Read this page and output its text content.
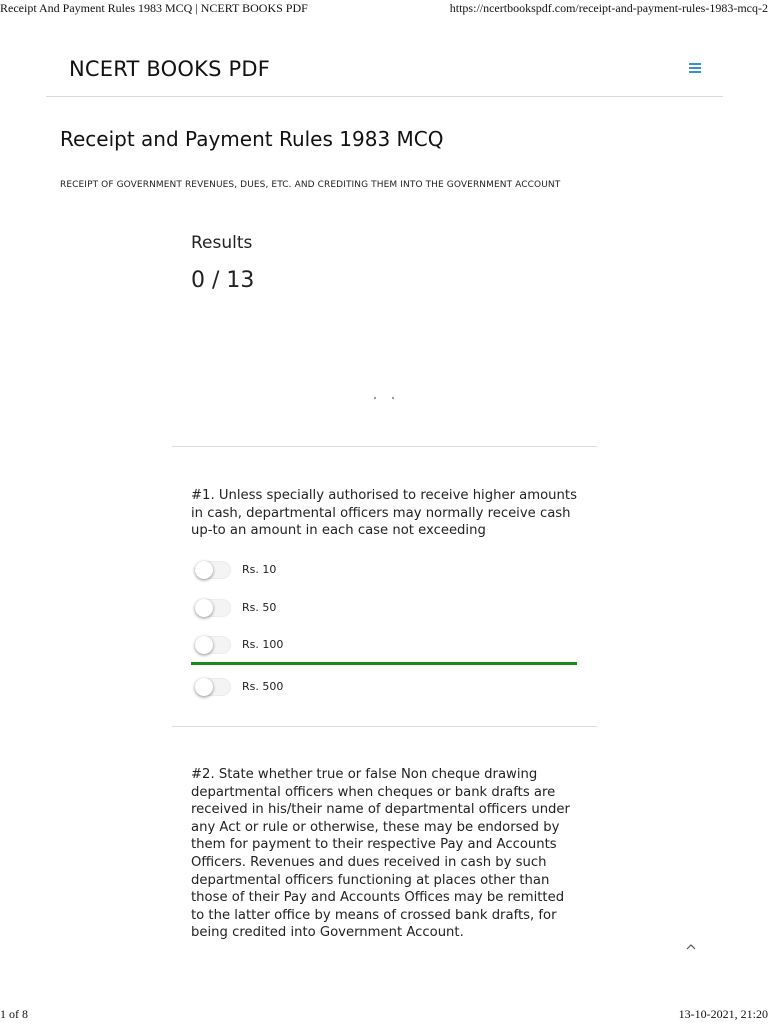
Receipt And Payment Rules 1983 MCQ | NCERT BOOKS PDF	https://ncertbookspdf.com/receipt-and-payment-rules-1983-mcq-2
NCERT BOOKS PDF
Receipt and Payment Rules 1983 MCQ
RECEIPT OF GOVERNMENT REVENUES, DUES, ETC. AND CREDITING THEM INTO THE GOVERNMENT ACCOUNT
Results
0 / 13
#1. Unless specially authorised to receive higher amounts in cash, departmental officers may normally receive cash up-to an amount in each case not exceeding
Rs. 10
Rs. 50
Rs. 100
Rs. 500
#2. State whether true or false Non cheque drawing departmental officers when cheques or bank drafts are received in his/their name of departmental officers under any Act or rule or otherwise, these may be endorsed by them for payment to their respective Pay and Accounts Officers. Revenues and dues received in cash by such departmental officers functioning at places other than those of their Pay and Accounts Offices may be remitted to the latter office by means of crossed bank drafts, for being credited into Government Account.
1 of 8	13-10-2021, 21:20
